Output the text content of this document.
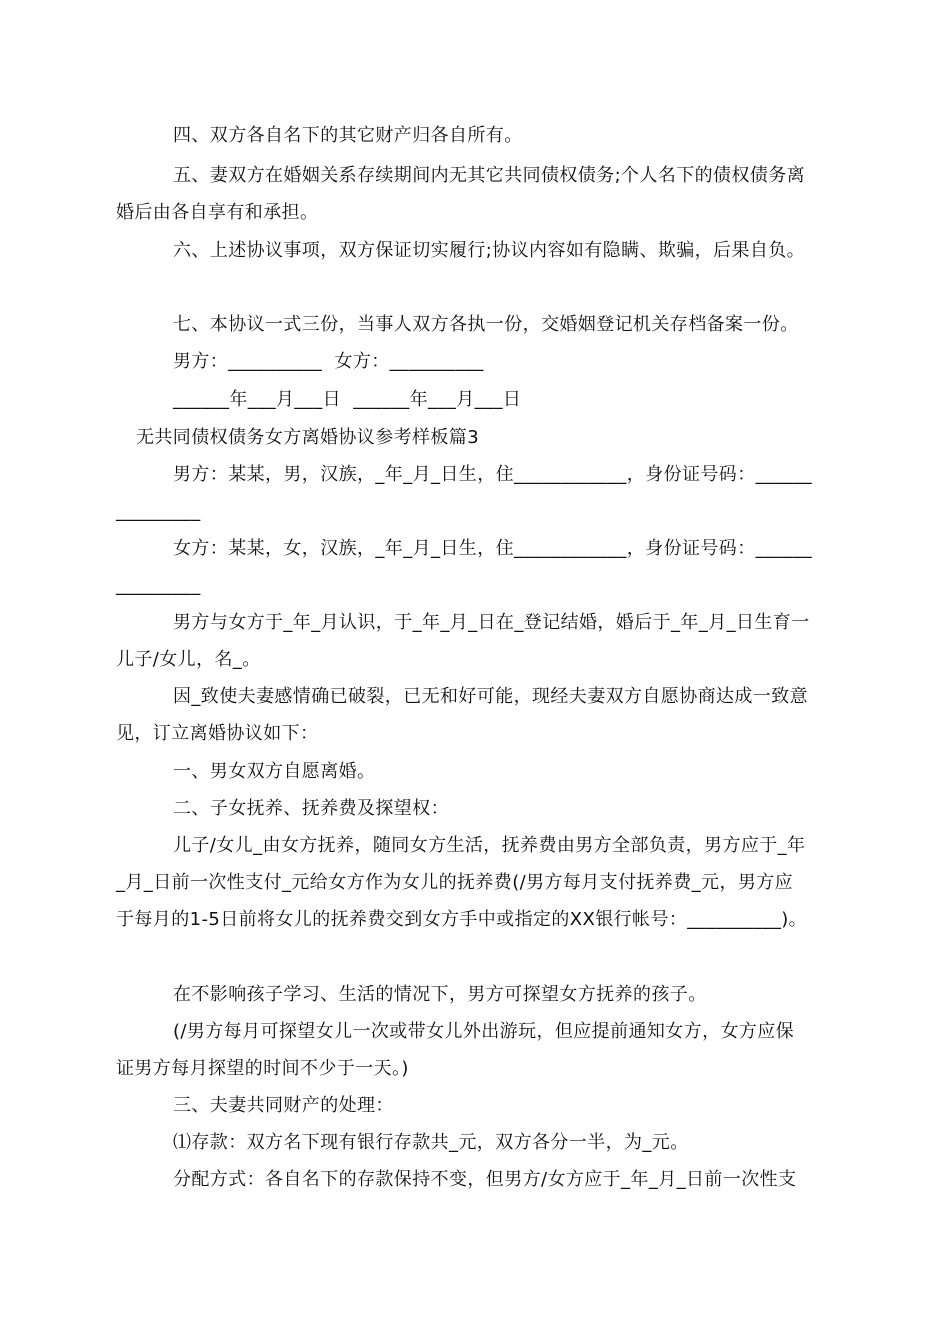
四、双方各自名下的其它财产归各自所有。
五、妻双方在婚姻关系存续期间内无其它共同债权债务;个人名下的债权债务离
婚后由各自享有和承担。
六、上述协议事项，双方保证切实履行;协议内容如有隐瞒、欺骗，后果自负。
七、本协议一式三份，当事人双方各执一份，交婚姻登记机关存档备案一份。
男方：__________  女方：__________
______年___月___日  ______年___月___日
无共同债权债务女方离婚协议参考样板篇3
男方：某某，男，汉族，_年_月_日生，住____________，身份证号码：______
_________
女方：某某，女，汉族，_年_月_日生，住____________，身份证号码：______
_________
男方与女方于_年_月认识，于_年_月_日在_登记结婚，婚后于_年_月_日生育一
儿子/女儿，名_。
因_致使夫妻感情确已破裂，已无和好可能，现经夫妻双方自愿协商达成一致意
见，订立离婚协议如下：
一、男女双方自愿离婚。
二、子女抚养、抚养费及探望权：
儿子/女儿_由女方抚养，随同女方生活，抚养费由男方全部负责，男方应于_年
_月_日前一次性支付_元给女方作为女儿的抚养费(/男方每月支付抚养费_元，男方应
于每月的1-5日前将女儿的抚养费交到女方手中或指定的XX银行帐号：__________)。
在不影响孩子学习、生活的情况下，男方可探望女方抚养的孩子。
(/男方每月可探望女儿一次或带女儿外出游玩，但应提前通知女方，女方应保
证男方每月探望的时间不少于一天。)
三、夫妻共同财产的处理：
⑴存款：双方名下现有银行存款共_元，双方各分一半，为_元。
分配方式：各自名下的存款保持不变，但男方/女方应于_年_月_日前一次性支
